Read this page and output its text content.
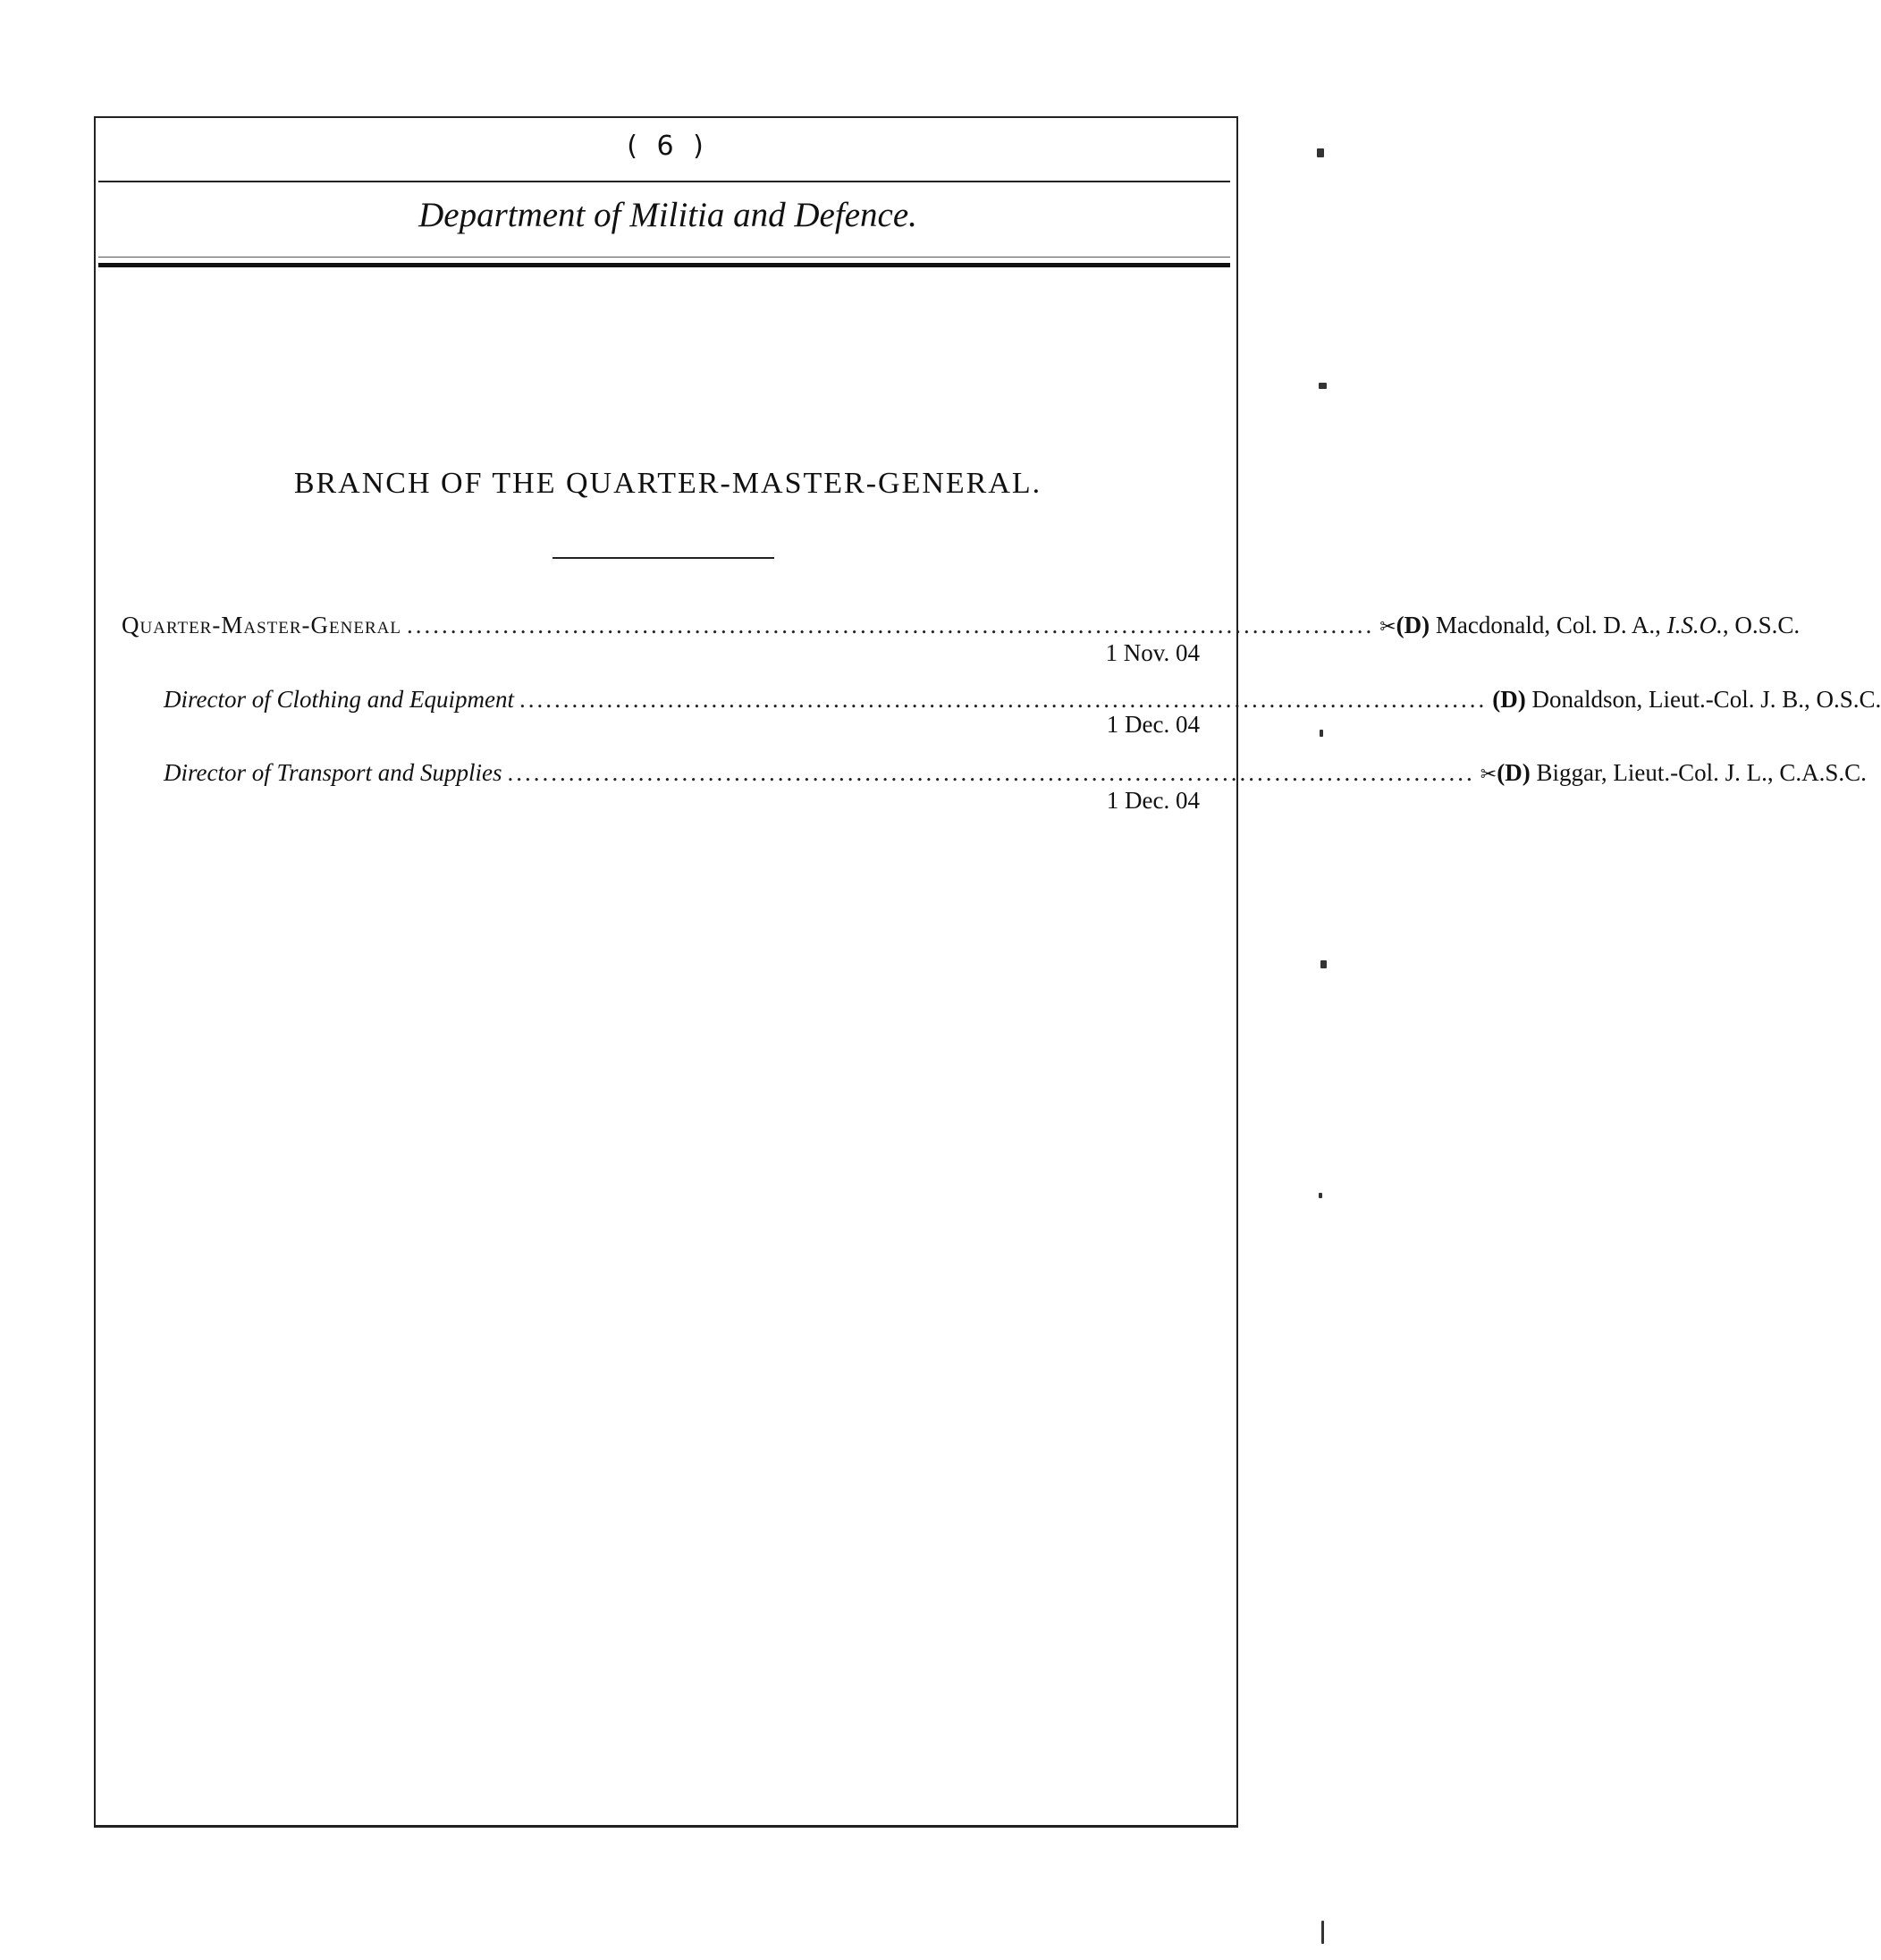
( 6 )
Department of Militia and Defence.
BRANCH OF THE QUARTER-MASTER-GENERAL.
Quarter-Master-General ............................................................................................................... ✂(D) Macdonald, Col. D. A., I.S.O., O.S.C.
1 Nov. 04
Director of Clothing and Equipment ............................................................................................................... (D) Donaldson, Lieut.-Col. J. B., O.S.C.
1 Dec. 04
Director of Transport and Supplies ............................................................................................................... ✂(D) Biggar, Lieut.-Col. J. L., C.A.S.C.
1 Dec. 04
